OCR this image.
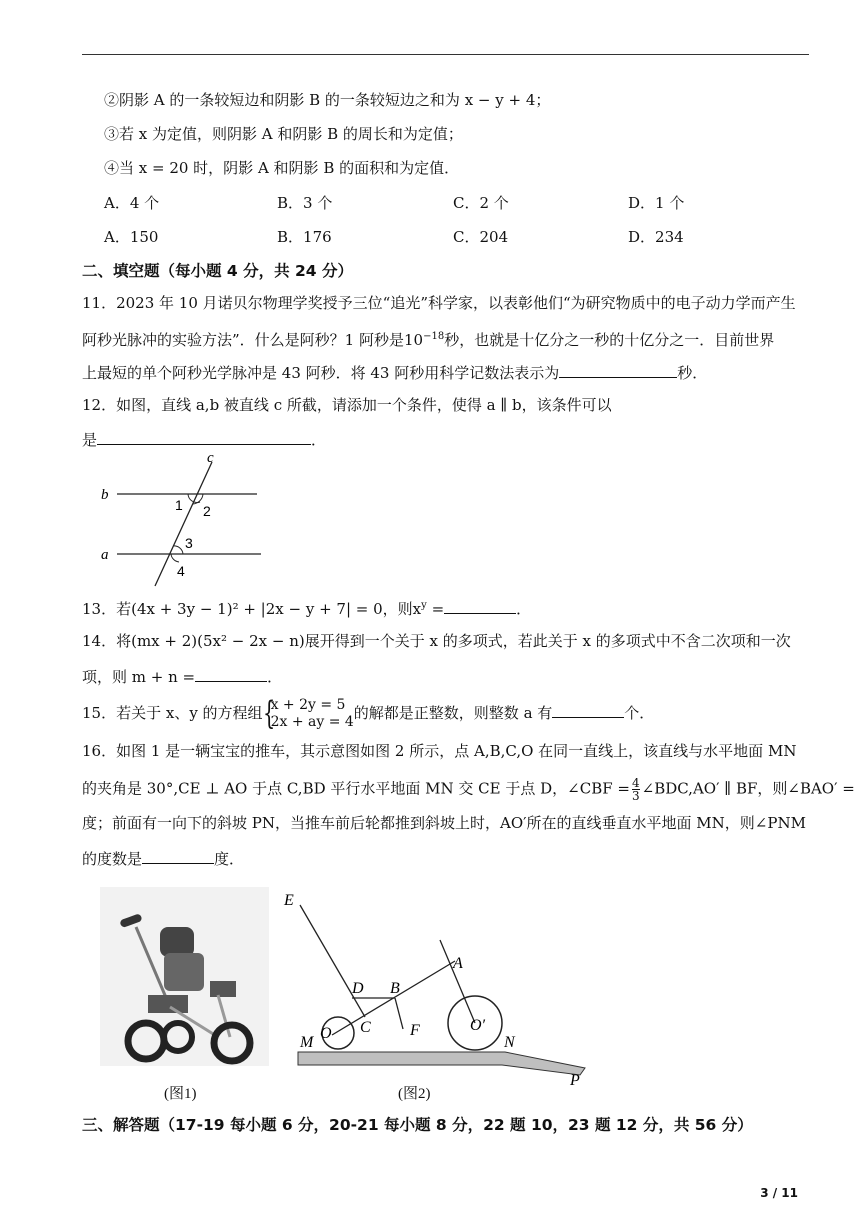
②阴影 A 的一条较短边和阴影 B 的一条较短边之和为 x − y + 4；
③若 x 为定值，则阴影 A 和阴影 B 的周长和为定值；
④当 x = 20 时，阴影 A 和阴影 B 的面积和为定值．
A．4 个	B．3 个	C．2 个	D．1 个
A．150	B．176	C．204	D．234
二、填空题（每小题 4 分，共 24 分）
11．2023 年 10 月诺贝尔物理学奖授予三位“追光”科学家，以表彰他们“为研究物质中的电子动力学而产生
阿秒光脉冲的实验方法”．什么是阿秒？1 阿秒是$10^{-18}$秒，也就是十亿分之一秒的十亿分之一．目前世界
上最短的单个阿秒光学脉冲是 43 阿秒．将 43 阿秒用科学记数法表示为	秒．
12．如图，直线 a,b 被直线 c 所截，请添加一个条件，使得 a ∥ b，该条件可以
是	．
c
b
1 2
a
3
4
13．若(4x + 3y − 1)² + |2x − y + 7| = 0，则$x^y$ =	．
14．将(mx + 2)(5x² − 2x − n)展开得到一个关于 x 的多项式，若此关于 x 的多项式中不含二次项和一次
项，则 m + n =	．
15．若关于 x、y 的方程组 {
x + 2y = 5
2x + ay = 4 的解都是正整数，则整数 a 有	个．
16．如图 1 是一辆宝宝的推车，其示意图如图 2 所示，点 A,B,C,O 在同一直线上，该直线与水平地面 MN
的夹角是 30°,CE ⊥ AO 于点 C,BD 平行水平地面 MN 交 CE 于点 D，∠CBF = $\frac{4}{3}$ ∠BDC,AO′ ∥ BF，则∠BAO′ =
度；前面有一向下的斜坡 PN，当推车前后轮都推到斜坡上时，AO′所在的直线垂直水平地面 MN，则∠PNM
的度数是	度．
(图1)
E
A
D B
O C F	O′
M	N
P
(图2)
三、解答题（17-19 每小题 6 分，20-21 每小题 8 分，22 题 10，23 题 12 分，共 56 分）
3 / 11
